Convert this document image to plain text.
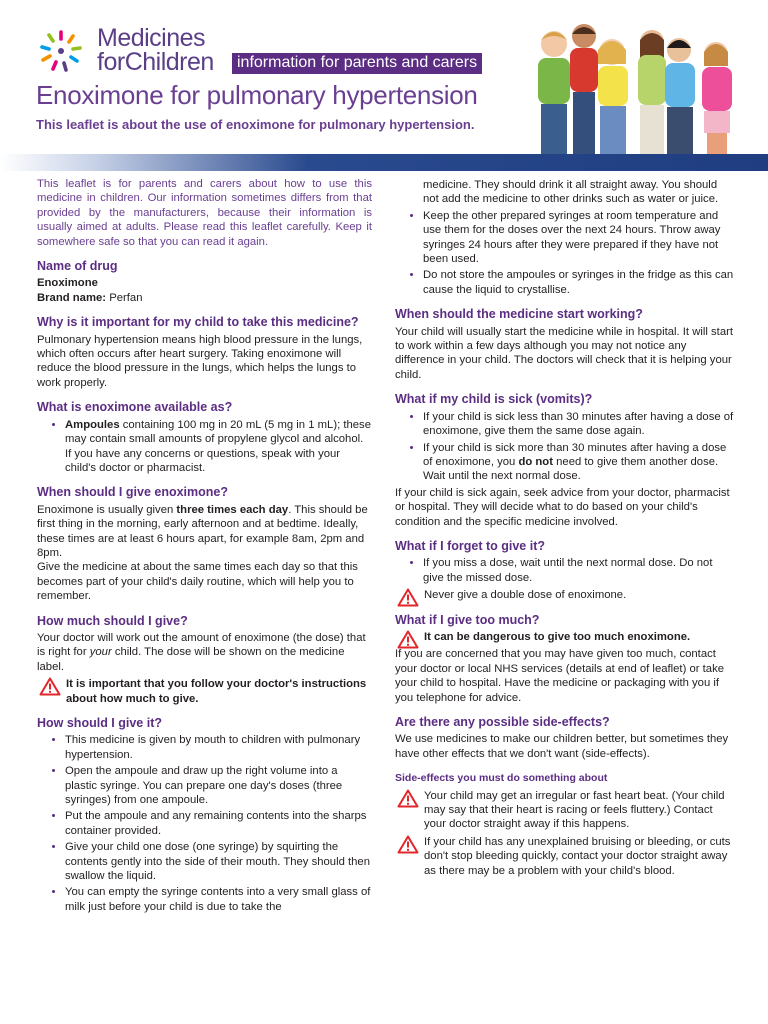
Medicines
forChildren	information for parents and carers
Enoximone for pulmonary hypertension

This leaflet is about the use of enoximone for pulmonary hypertension.

This leaflet is for parents and carers about how to use this medicine in children. Our information sometimes differs from that provided by the manufacturers, because their information is usually aimed at adults. Please read this leaflet carefully. Keep it somewhere safe so that you can read it again.

Name of drug

Enoximone

Brand name: Perfan

Why is it important for my child to take this medicine?

Pulmonary hypertension means high blood pressure in the lungs, which often occurs after heart surgery. Taking enoximone will reduce the blood pressure in the lungs, which helps the lungs to work properly.

What is enoximone available as?
• Ampoules containing 100 mg in 20 mL (5 mg in 1 mL); these may contain small amounts of propylene glycol and alcohol. If you have any concerns or questions, speak with your child's doctor or pharmacist.
When should I give enoximone?

Enoximone is usually given three times each day. This should be first thing in the morning, early afternoon and at bedtime. Ideally, these times are at least 6 hours apart, for example 8am, 2pm and 8pm.

Give the medicine at about the same times each day so that this becomes part of your child's daily routine, which will help you to remember.

How much should I give?

Your doctor will work out the amount of enoximone (the dose) that is right for your child. The dose will be shown on the medicine label.

It is important that you follow your doctor's instructions about how much to give.
How should I give it?
• This medicine is given by mouth to children with pulmonary hypertension.
• Open the ampoule and draw up the right volume into a plastic syringe. You can prepare one day's doses (three syringes) from one ampoule.
• Put the ampoule and any remaining contents into the sharps container provided.
• Give your child one dose (one syringe) by squirting the contents gently into the side of their mouth. They should then swallow the liquid.
• You can empty the syringe contents into a very small glass of milk just before your child is due to take the

medicine. They should drink it all straight away. You should not add the medicine to other drinks such as water or juice.

• Keep the other prepared syringes at room temperature and use them for the doses over the next 24 hours. Throw away syringes 24 hours after they were prepared if they have not been used.
• Do not store the ampoules or syringes in the fridge as this can cause the liquid to crystallise.
When should the medicine start working?

Your child will usually start the medicine while in hospital. It will start to work within a few days although you may not notice any difference in your child. The doctors will check that it is helping your child.

What if my child is sick (vomits)?
• If your child is sick less than 30 minutes after having a dose of enoximone, give them the same dose again.
• If your child is sick more than 30 minutes after having a dose of enoximone, you do not need to give them another dose. Wait until the next normal dose.

If your child is sick again, seek advice from your doctor, pharmacist or hospital. They will decide what to do based on your child's condition and the specific medicine involved.

What if I forget to give it?
• If you miss a dose, wait until the next normal dose. Do not give the missed dose.
Never give a double dose of enoximone.
What if I give too much?
It can be dangerous to give too much enoximone.

If you are concerned that you may have given too much, contact your doctor or local NHS services (details at end of leaflet) or take your child to hospital. Have the medicine or packaging with you if you telephone for advice.

Are there any possible side-effects?

We use medicines to make our children better, but sometimes they have other effects that we don't want (side-effects).

Side-effects you must do something about
Your child may get an irregular or fast heart beat. (Your child may say that their heart is racing or feels fluttery.) Contact your doctor straight away if this happens.
If your child has any unexplained bruising or bleeding, or cuts don't stop bleeding quickly, contact your doctor straight away as there may be a problem with your child's blood.
